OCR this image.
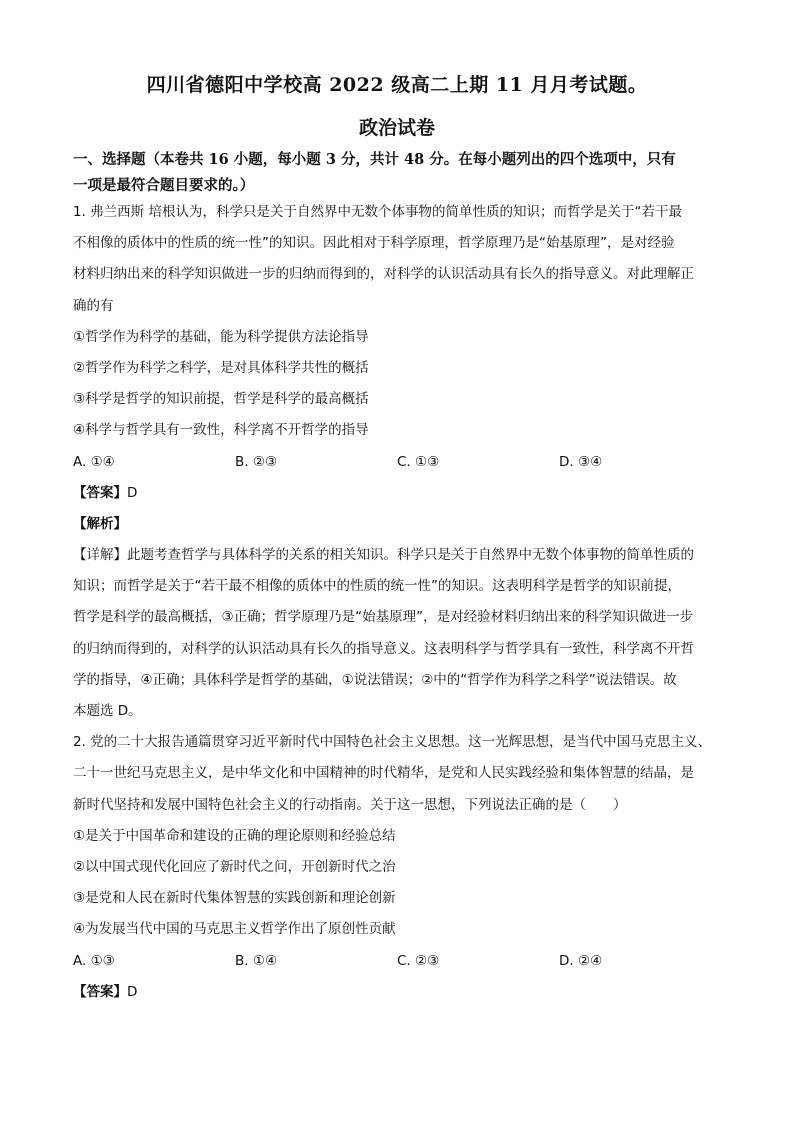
四川省德阳中学校高 2022 级高二上期 11 月月考试题。
政治试卷
一、选择题（本卷共 16 小题，每小题 3 分，共计 48 分。在每小题列出的四个选项中，只有
一项是最符合题目要求的。）
1. 弗兰西斯 培根认为，科学只是关于自然界中无数个体事物的简单性质的知识；而哲学是关于“若干最
不相像的质体中的性质的统一性”的知识。因此相对于科学原理，哲学原理乃是“始基原理”，是对经验
材料归纳出来的科学知识做进一步的归纳而得到的，对科学的认识活动具有长久的指导意义。对此理解正
确的有
①哲学作为科学的基础，能为科学提供方法论指导
②哲学作为科学之科学，是对具体科学共性的概括
③科学是哲学的知识前提，哲学是科学的最高概括
④科学与哲学具有一致性，科学离不开哲学的指导
A. ①④	B. ②③	C. ①③	D. ③④
【答案】D
【解析】
【详解】此题考查哲学与具体科学的关系的相关知识。科学只是关于自然界中无数个体事物的简单性质的
知识；而哲学是关于“若干最不相像的质体中的性质的统一性”的知识。这表明科学是哲学的知识前提，
哲学是科学的最高概括，③正确；哲学原理乃是“始基原理”，是对经验材料归纳出来的科学知识做进一步
的归纳而得到的，对科学的认识活动具有长久的指导意义。这表明科学与哲学具有一致性，科学离不开哲
学的指导，④正确；具体科学是哲学的基础，①说法错误；②中的“哲学作为科学之科学”说法错误。故
本题选 D。
2. 党的二十大报告通篇贯穿习近平新时代中国特色社会主义思想。这一光辉思想，是当代中国马克思主义、
二十一世纪马克思主义，是中华文化和中国精神的时代精华，是党和人民实践经验和集体智慧的结晶，是
新时代坚持和发展中国特色社会主义的行动指南。关于这一思想，下列说法正确的是（　　）
①是关于中国革命和建设的正确的理论原则和经验总结
②以中国式现代化回应了新时代之问，开创新时代之治
③是党和人民在新时代集体智慧的实践创新和理论创新
④为发展当代中国的马克思主义哲学作出了原创性贡献
A. ①③	B. ①④	C. ②③	D. ②④
【答案】D
